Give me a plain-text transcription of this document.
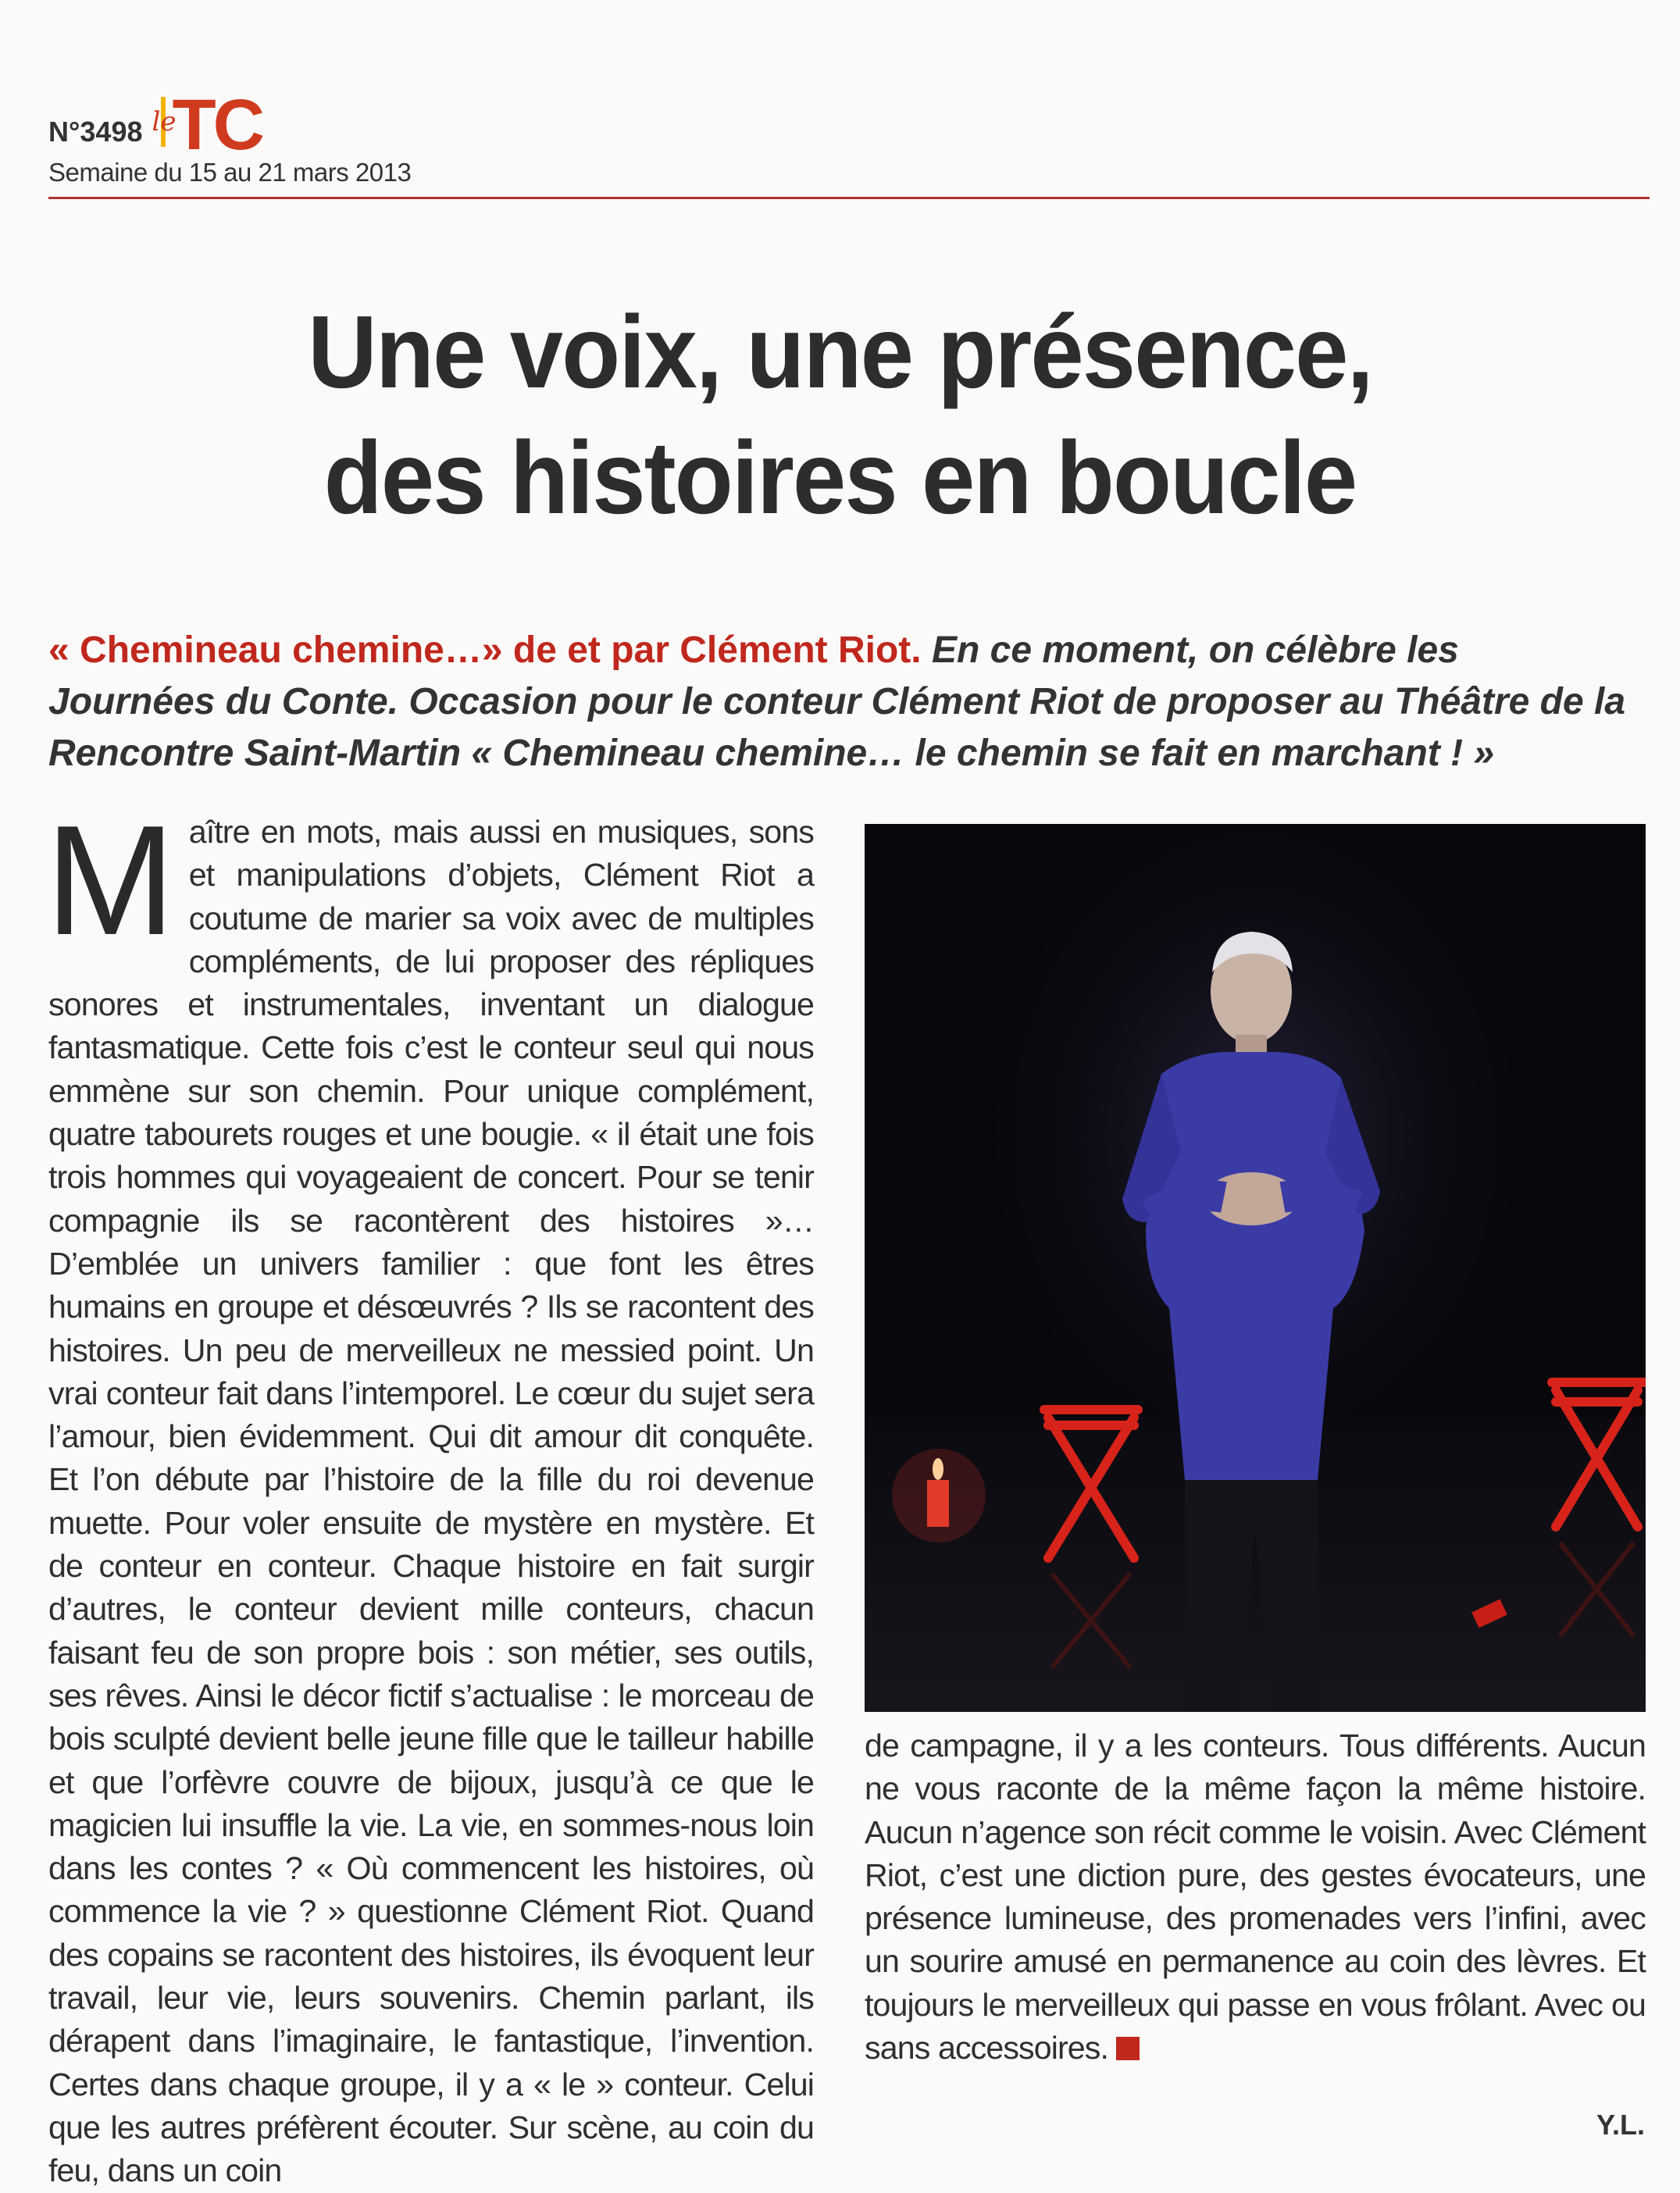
N°3498 le
TC
Semaine du 15 au 21 mars 2013
Une voix, une présence,
des histoires en boucle
« Chemineau chemine…» de et par Clément Riot. En ce moment, on célèbre les Journées du Conte. Occasion pour le conteur Clément Riot de proposer au Théâtre de la Rencontre Saint-Martin « Chemineau chemine… le chemin se fait en marchant ! »
M aître en mots, mais aussi en musiques, sons et manipulations d’objets, Clément Riot a coutume de marier sa voix avec de multiples compléments, de lui proposer des répliques sonores et instrumentales, inventant un dialogue fantasmatique. Cette fois c’est le conteur seul qui nous emmène sur son chemin. Pour unique complément, quatre tabourets rouges et une bougie. « il était une fois trois hommes qui voyageaient de concert. Pour se tenir compagnie ils se racontèrent des histoires »… D’emblée un univers familier : que font les êtres humains en groupe et désœuvrés ? Ils se racontent des histoires. Un peu de merveilleux ne messied point. Un vrai conteur fait dans l’intemporel. Le cœur du sujet sera l’amour, bien évidemment. Qui dit amour dit conquête. Et l’on débute par l’histoire de la fille du roi devenue muette. Pour voler ensuite de mystère en mystère. Et de conteur en conteur. Chaque histoire en fait surgir d’autres, le conteur devient mille conteurs, chacun faisant feu de son propre bois : son métier, ses outils, ses rêves. Ainsi le décor fictif s’actualise : le morceau de bois sculpté devient belle jeune fille que le tailleur habille et que l’orfèvre couvre de bijoux, jusqu’à ce que le magicien lui insuffle la vie. La vie, en sommes-nous loin dans les contes ? « Où commencent les histoires, où commence la vie ? » questionne Clément Riot. Quand des copains se racontent des histoires, ils évoquent leur travail, leur vie, leurs souvenirs. Chemin parlant, ils dérapent dans l’imaginaire, le fantastique, l’invention. Certes dans chaque groupe, il y a « le » conteur. Celui que les autres préfèrent écouter. Sur scène, au coin du feu, dans un coin
de campagne, il y a les conteurs. Tous différents. Aucun ne vous raconte de la même façon la même histoire. Aucun n’agence son récit comme le voisin. Avec Clément Riot, c’est une diction pure, des gestes évocateurs, une présence lumineuse, des promenades vers l’infini, avec un sourire amusé en permanence au coin des lèvres. Et toujours le merveilleux qui passe en vous frôlant. Avec ou sans accessoires.
Y.L.
